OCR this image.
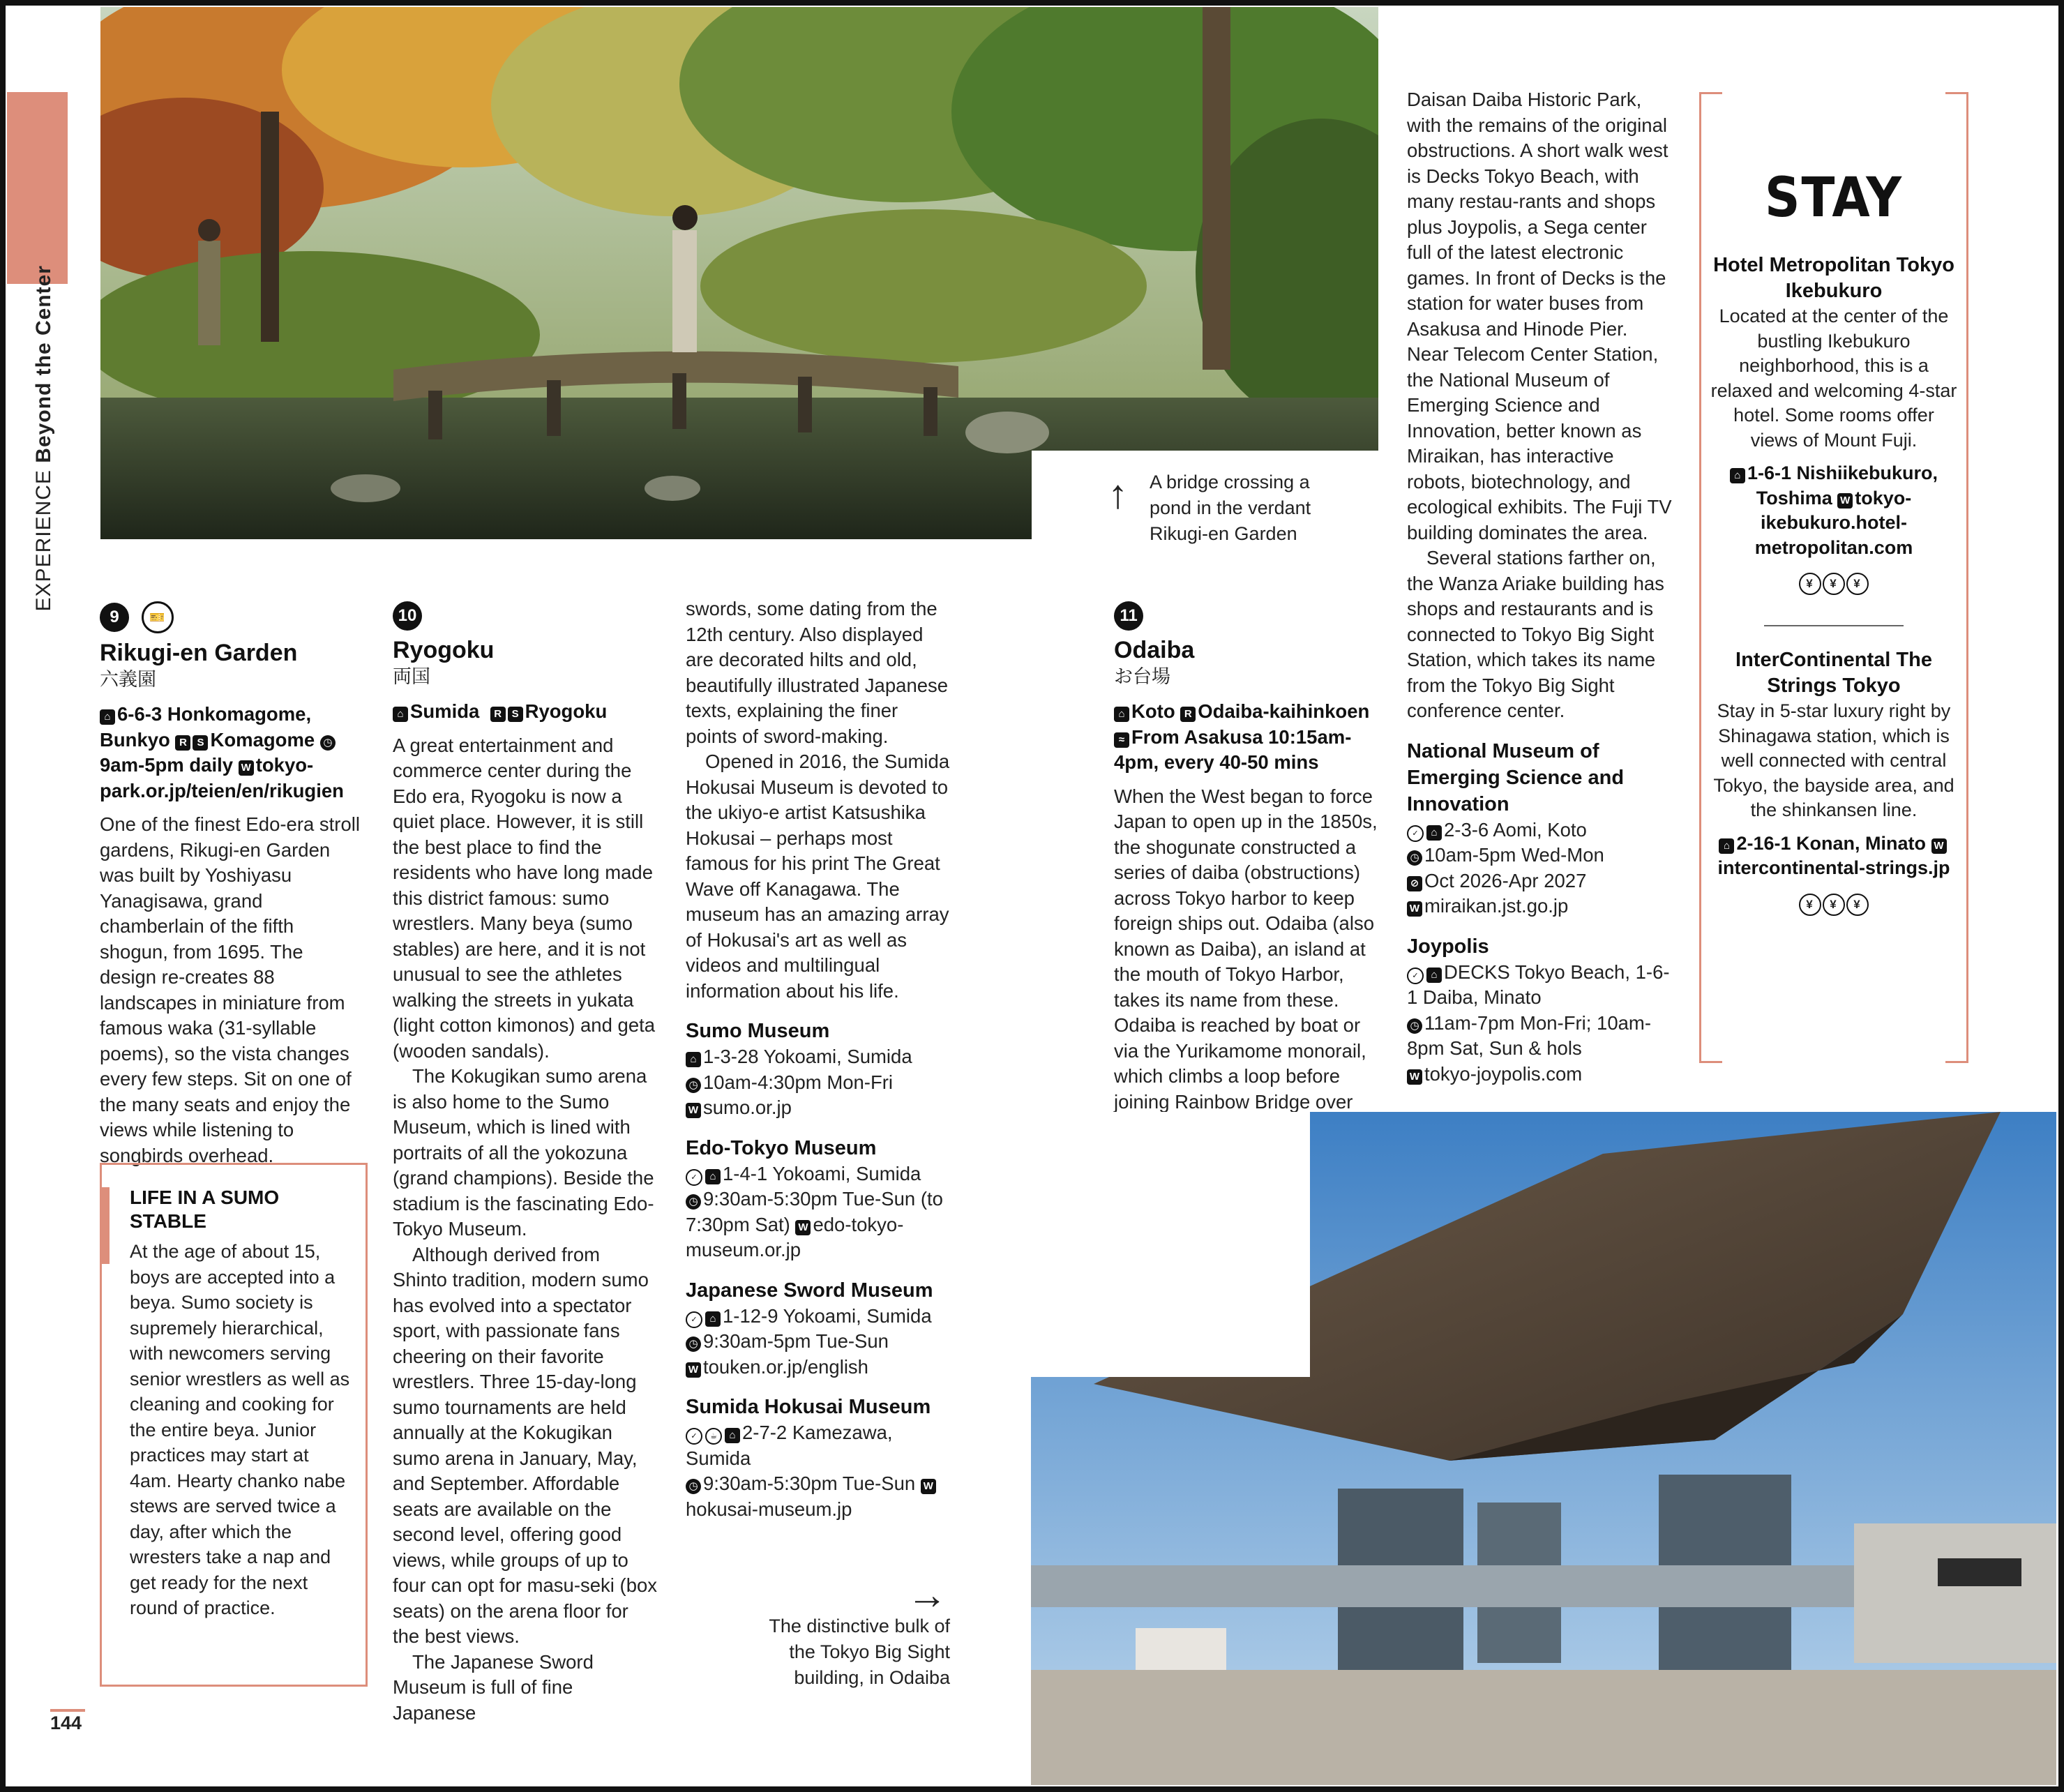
EXPERIENCE Beyond the Center
↑ A bridge crossing a pond in the verdant Rikugi-en Garden
9 🎫
Rikugi-en Garden
六義園
⌂ 6-6-3 Honkomagome, Bunkyo R S Komagome ◷9am-5pm daily W tokyo-park.or.jp/teien/en/rikugien

One of the finest Edo-era stroll gardens, Rikugi-en Garden was built by Yoshiyasu Yanagisawa, grand chamberlain of the fifth shogun, from 1695. The design re-creates 88 landscapes in miniature from famous waka (31-syllable poems), so the vista changes every few steps. Sit on one of the many seats and enjoy the views while listening to songbirds overhead.

LIFE IN A SUMO STABLE
At the age of about 15, boys are accepted into a beya. Sumo society is supremely hierarchical, with newcomers serving senior wrestlers as well as cleaning and cooking for the entire beya. Junior practices may start at 4am. Hearty chanko nabe stews are served twice a day, after which the wresters take a nap and get ready for the next round of practice.
10
Ryogoku
両国
⌂ Sumida R S Ryogoku

A great entertainment and commerce center during the Edo era, Ryogoku is now a quiet place. However, it is still the best place to find the residents who have long made this district famous: sumo wrestlers. Many beya (sumo stables) are here, and it is not unusual to see the athletes walking the streets in yukata (light cotton kimonos) and geta (wooden sandals).

The Kokugikan sumo arena is also home to the Sumo Museum, which is lined with portraits of all the yokozuna (grand champions). Beside the stadium is the fascinating Edo-Tokyo Museum.

Although derived from Shinto tradition, modern sumo has evolved into a spectator sport, with passionate fans cheering on their favorite wrestlers. Three 15-day-long sumo tournaments are held annually at the Kokugikan sumo arena in January, May, and September. Affordable seats are available on the second level, offering good views, while groups of up to four can opt for masu-seki (box seats) on the arena floor for the best views.

The Japanese Sword Museum is full of fine Japanese

swords, some dating from the 12th century. Also displayed are decorated hilts and old, beautifully illustrated Japanese texts, explaining the finer points of sword-making.

Opened in 2016, the Sumida Hokusai Museum is devoted to the ukiyo-e artist Katsushika Hokusai – perhaps most famous for his print The Great Wave off Kanagawa. The museum has an amazing array of Hokusai's art as well as videos and multilingual information about his life.

Sumo Museum
⌂ 1-3-28 Yokoami, Sumida
◷ 10am-4:30pm Mon-Fri
W sumo.or.jp
Edo-Tokyo Museum
✓ ⌂ 1-4-1 Yokoami, Sumida
◷ 9:30am-5:30pm Tue-Sun (to 7:30pm Sat) W edo-tokyo-museum.or.jp
Japanese Sword Museum
✓ ⌂ 1-12-9 Yokoami, Sumida
◷ 9:30am-5pm Tue-Sun
W touken.or.jp/english
Sumida Hokusai Museum
✓ ☕ ⌂ 2-7-2 Kamezawa, Sumida
◷ 9:30am-5:30pm Tue-Sun Whokusai-museum.jp
→
The distinctive bulk of the Tokyo Big Sight building, in Odaiba
11
Odaiba
お台場
⌂ Koto R Odaiba-kaihinkoen ≈ From Asakusa 10:15am-4pm, every 40-50 mins

When the West began to force Japan to open up in the 1850s, the shogunate constructed a series of daiba (obstructions) across Tokyo harbor to keep foreign ships out. Odaiba (also known as Daiba), an island at the mouth of Tokyo Harbor, takes its name from these. Odaiba is reached by boat or via the Yurikamome monorail, which climbs a loop before joining Rainbow Bridge over

Daisan Daiba Historic Park, with the remains of the original obstructions. A short walk west is Decks Tokyo Beach, with many restau-rants and shops plus Joypolis, a Sega center full of the latest electronic games. In front of Decks is the station for water buses from Asakusa and Hinode Pier. Near Telecom Center Station, the National Museum of Emerging Science and Innovation, better known as Miraikan, has interactive robots, biotechnology, and ecological exhibits. The Fuji TV building dominates the area.

Several stations farther on, the Wanza Ariake building has shops and restaurants and is connected to Tokyo Big Sight Station, which takes its name from the Tokyo Big Sight conference center.

National Museum of Emerging Science and Innovation
✓ ⌂ 2-3-6 Aomi, Koto
◷ 10am-5pm Wed-Mon
⊘ Oct 2026-Apr 2027
W miraikan.jst.go.jp
Joypolis
✓ ⌂ DECKS Tokyo Beach, 1-6-1 Daiba, Minato
◷ 11am-7pm Mon-Fri; 10am-8pm Sat, Sun & hols
W tokyo-joypolis.com
STAY
Hotel Metropolitan Tokyo Ikebukuro
Located at the center of the bustling Ikebukuro neighborhood, this is a relaxed and welcoming 4-star hotel. Some rooms offer views of Mount Fuji.
⌂ 1-6-1 Nishiikebukuro, Toshima W tokyo-ikebukuro.hotel-metropolitan.com
¥ ¥ ¥
InterContinental The Strings Tokyo
Stay in 5-star luxury right by Shinagawa station, which is well connected with central Tokyo, the bayside area, and the shinkansen line.
⌂ 2-16-1 Konan, Minato Wintercontinental-strings.jp
¥ ¥ ¥
144
